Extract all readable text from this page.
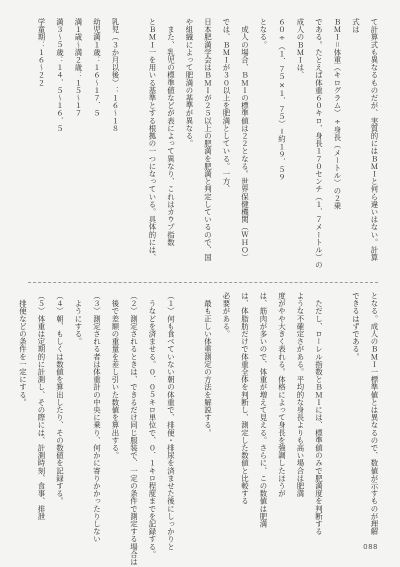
て計算式も異なるものだが、実質的にはＢＭＩと何ら違いはない。計算
式は
ＢＭＩ＝体重（キログラム）÷身長（メートル）の２乗
である。たとえば体重６０キロ、身長１７０センチ（１．７メートル）の
成人のＢＭＩは、
６０÷（１．７５×１．７５）＝約１９．５９
となる。
　成人の場合、ＢＭＩの標準値は２２となる。世界保健機関（ＷＨＯ）
では、ＢＭＩが３０以上を肥満としている。一方、
日本肥満学会はＢＭＩが２５以上の肥満を肥満と判定しているので、国
や組織によって肥満の基準が異なる。
　また、乳児の標準値などが表によって異なり、これはカウプ指数
とＢＭＩ一を用いる基準とする根拠の一つになっている。具体的には、
乳児（３か月以後）：１６〜１８
幼児満１歳：１６〜１７．５
満１歳〜満２歳：１５〜１７
満３〜５歳：１４．５〜１６．５
学童期：１６〜２２
となる。成人のＢＭＩ一標準値とは異なるので、数値が示すものが理解
できるはずである。
　ただし、ローレル指数とＢＭＩには、標準値のみで肥満度を判断する
ような不確定さがある。平均的な身長よりも高い場合は肥満
度がやや大きく表れる。体格によって身長を強調したほうが
は、筋肉が多いので、体重が増えて見える。さらに、この数値は肥満
は、体脂肪だけで体重全体を判断し、測定した数値と比較する
必要がある。
　最も正しい体重測定の方法を解説する。
（１）何も食べていない朝の体重で、排便・排尿を済ませた後にしっかりと
　うなどを済ませる。０．０５キロ単位で、０．１キロ程度までを記録する。
（２）測定されるときは、できるだけ同じ服装で、一定の条件で測定する場合は
　後で差額の重量を差し引いた数値を算出する。
（３）測定される者は体重計の中央に乗り、何かに寄りかかったりしない
　ようにする。
（４）朝、もしくは数値を算出したり、その数値を記録する。
（５）体重は定期的に計測し、その際には、計測時刻、食事、排泄
　排便などの条件を一定にする。
088
